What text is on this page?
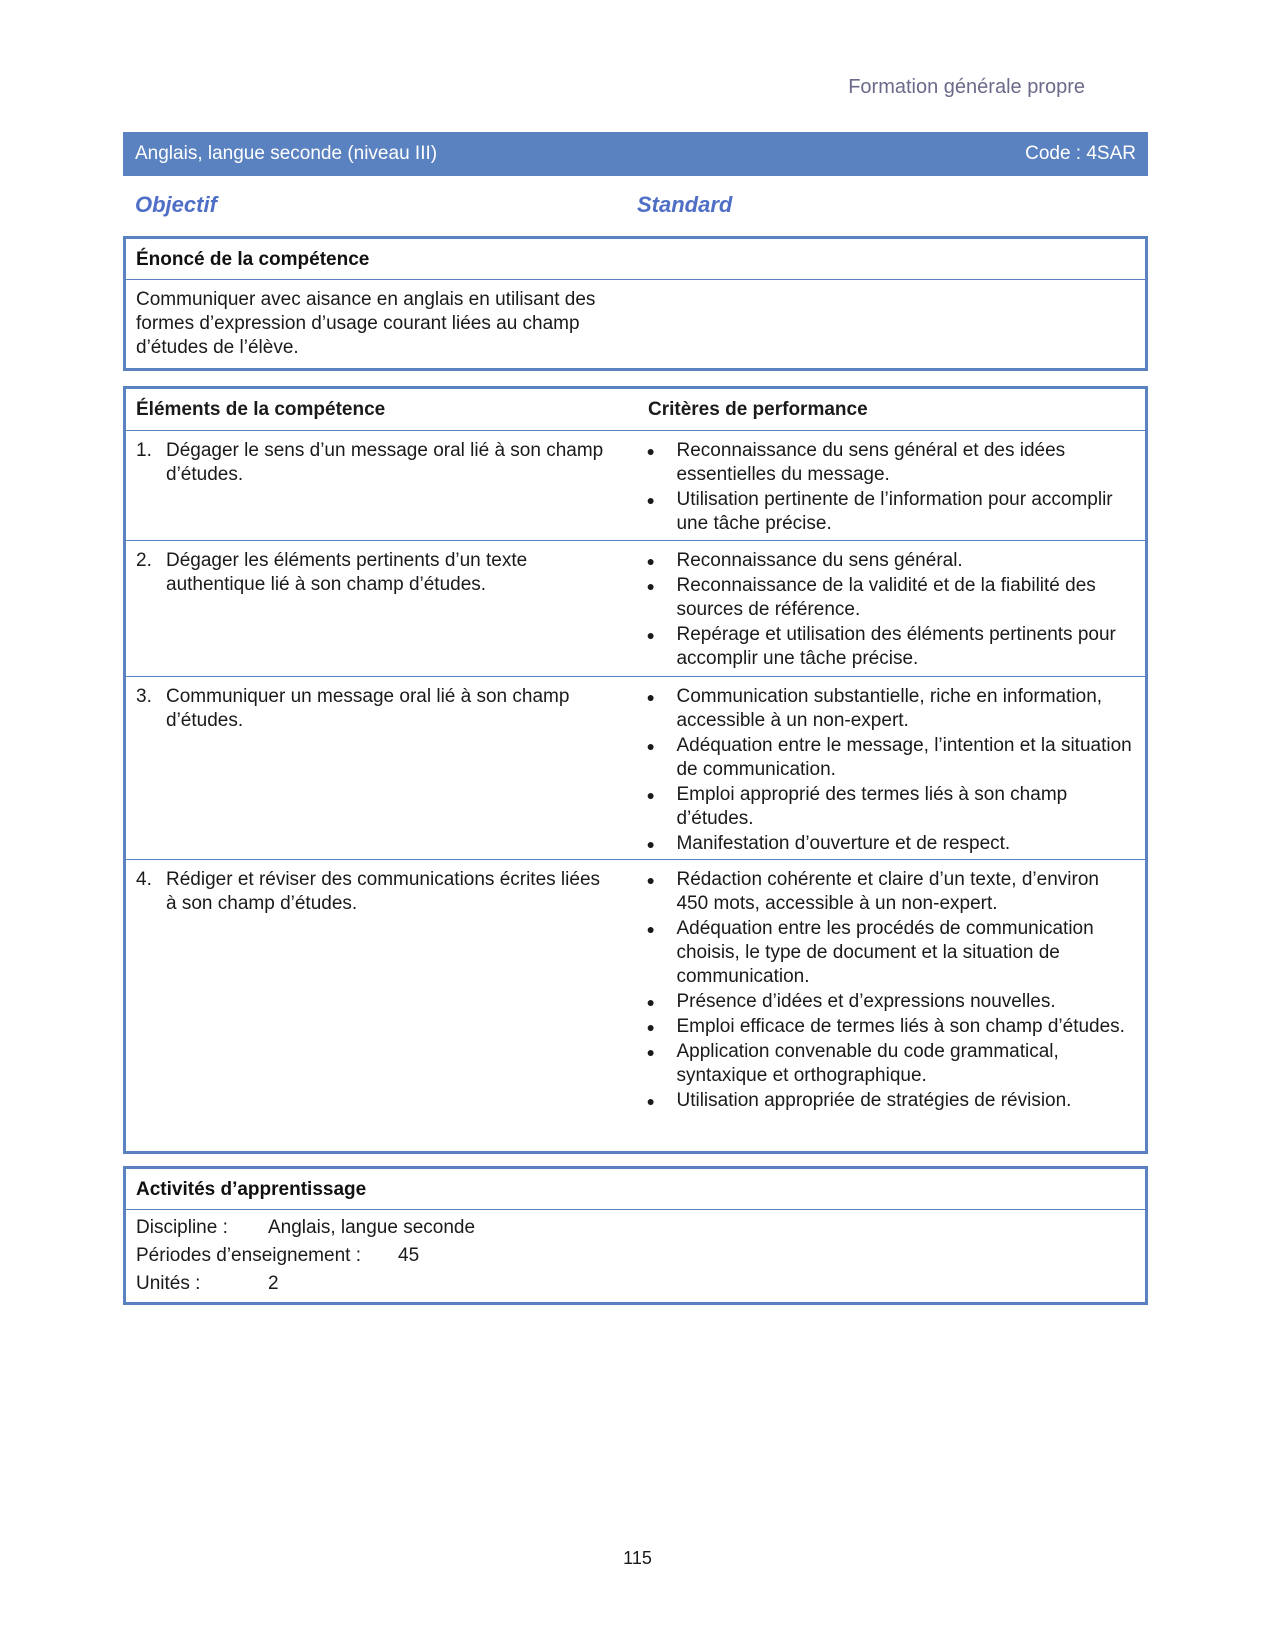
Formation générale propre
Anglais, langue seconde (niveau III)	Code : 4SAR
Objectif	Standard
Énoncé de la compétence
Communiquer avec aisance en anglais en utilisant des formes d’expression d’usage courant liées au champ d’études de l’élève.
Éléments de la compétence	Critères de performance
1. Dégager le sens d’un message oral lié à son champ d’études.
●	Reconnaissance du sens général et des idées essentielles du message.
●	Utilisation pertinente de l’information pour accomplir une tâche précise.
2. Dégager les éléments pertinents d’un texte authentique lié à son champ d’études.
●	Reconnaissance du sens général.
●	Reconnaissance de la validité et de la fiabilité des sources de référence.
●	Repérage et utilisation des éléments pertinents pour accomplir une tâche précise.
3. Communiquer un message oral lié à son champ d’études.
●	Communication substantielle, riche en information, accessible à un non-expert.
●	Adéquation entre le message, l’intention et la situation de communication.
●	Emploi approprié des termes liés à son champ d’études.
●	Manifestation d’ouverture et de respect.
4. Rédiger et réviser des communications écrites liées à son champ d’études.
●	Rédaction cohérente et claire d’un texte, d’environ 450 mots, accessible à un non-expert.
●	Adéquation entre les procédés de communication choisis, le type de document et la situation de communication.
●	Présence d’idées et d’expressions nouvelles.
●	Emploi efficace de termes liés à son champ d’études.
●	Application convenable du code grammatical, syntaxique et orthographique.
●	Utilisation appropriée de stratégies de révision.
Activités d’apprentissage
Discipline :	Anglais, langue seconde
Périodes d’enseignement :	45
Unités :	2
115
